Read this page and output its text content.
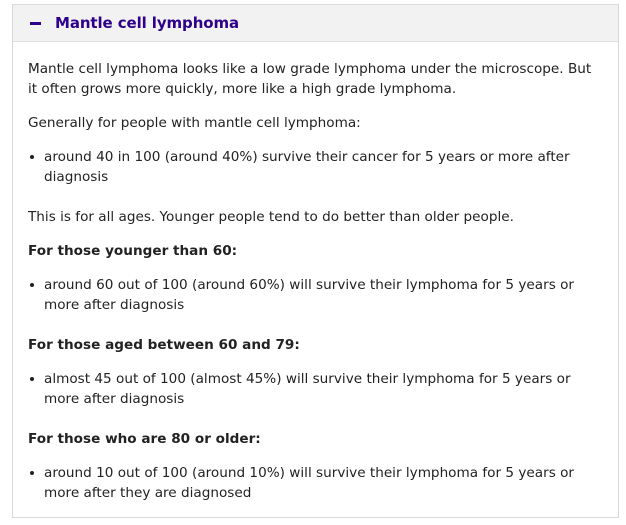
Mantle cell lymphoma

Mantle cell lymphoma looks like a low grade lymphoma under the microscope. But it often grows more quickly, more like a high grade lymphoma.

Generally for people with mantle cell lymphoma:

around 40 in 100 (around 40%) survive their cancer for 5 years or more after diagnosis

This is for all ages. Younger people tend to do better than older people.

For those younger than 60:
around 60 out of 100 (around 60%) will survive their lymphoma for 5 years or more after diagnosis
For those aged between 60 and 79:
almost 45 out of 100 (almost 45%) will survive their lymphoma for 5 years or more after diagnosis
For those who are 80 or older:
around 10 out of 100 (around 10%) will survive their lymphoma for 5 years or more after they are diagnosed
